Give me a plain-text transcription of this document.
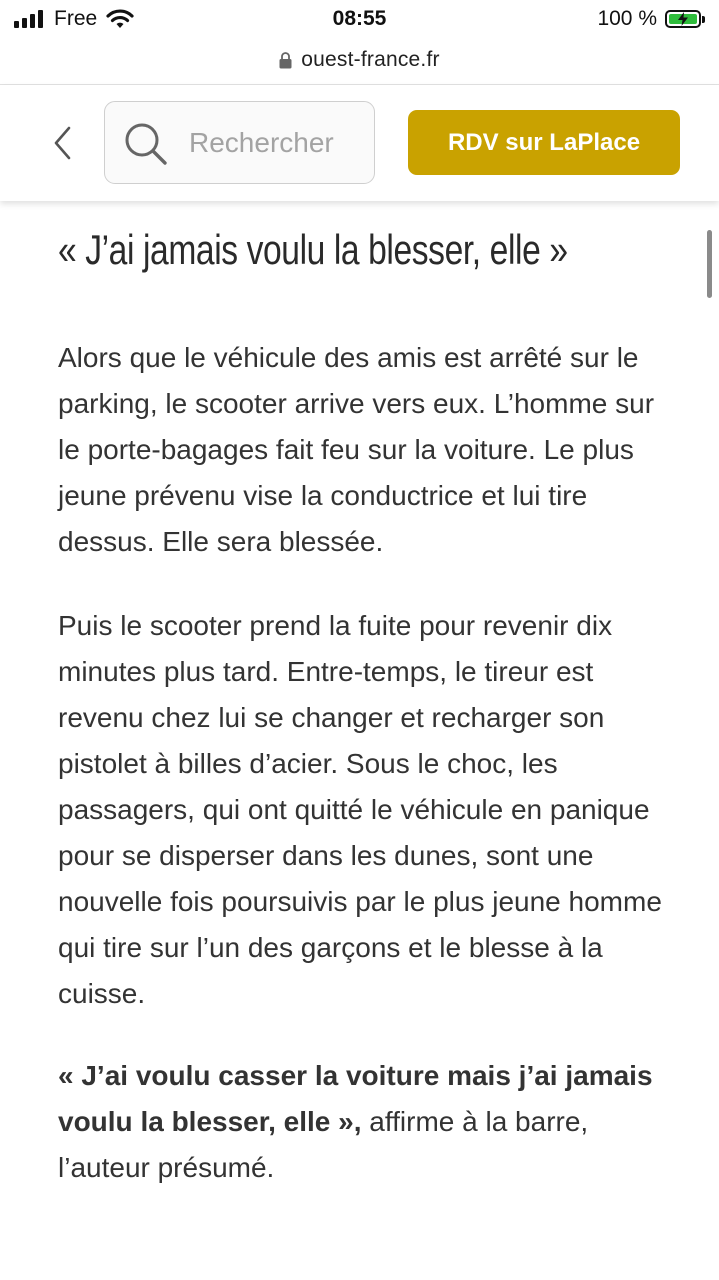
Free	08:55	100 %
ouest-france.fr
Rechercher
RDV sur LaPlace
« J’ai jamais voulu la blesser, elle »

Alors que le véhicule des amis est arrêté sur le parking, le scooter arrive vers eux. L’homme sur le porte-bagages fait feu sur la voiture. Le plus jeune prévenu vise la conductrice et lui tire dessus. Elle sera blessée.

Puis le scooter prend la fuite pour revenir dix minutes plus tard. Entre-temps, le tireur est revenu chez lui se changer et recharger son pistolet à billes d’acier. Sous le choc, les passagers, qui ont quitté le véhicule en panique pour se disperser dans les dunes, sont une nouvelle fois poursuivis par le plus jeune homme qui tire sur l’un des garçons et le blesse à la cuisse.

« J’ai voulu casser la voiture mais j’ai jamais voulu la blesser, elle », affirme à la barre, l’auteur présumé.
